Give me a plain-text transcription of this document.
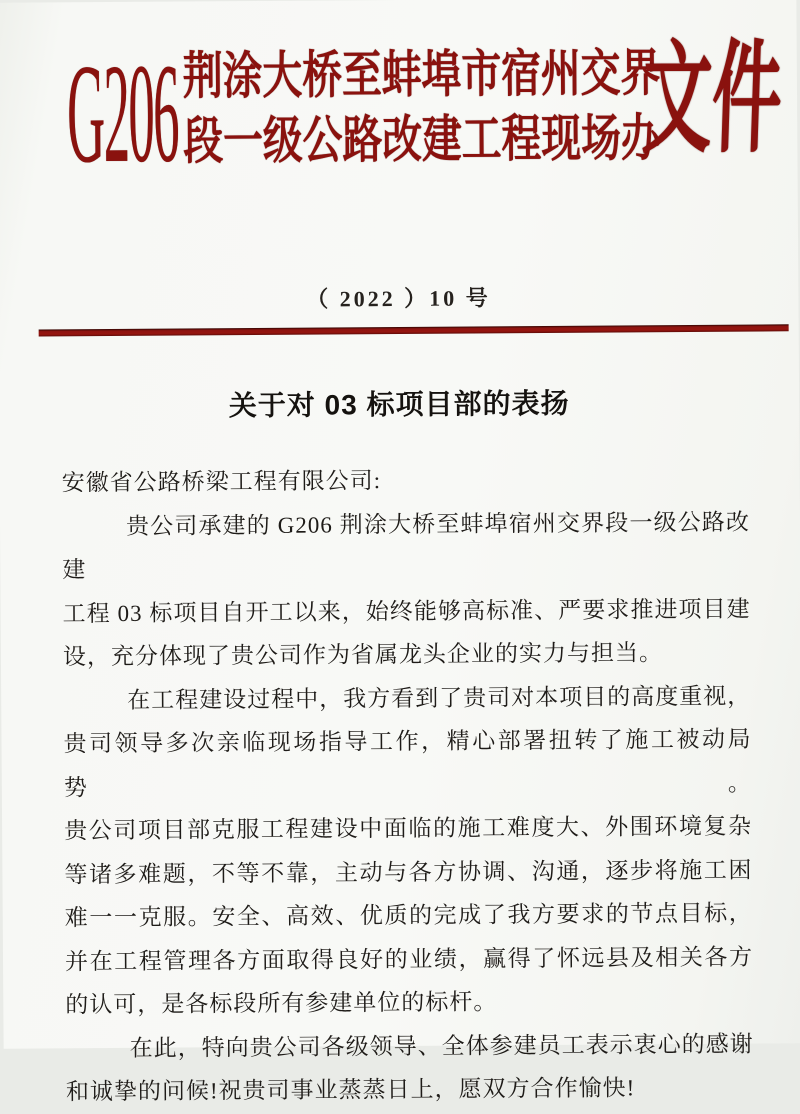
G206 荆涂大桥至蚌埠市宿州交界
段一级公路改建工程现场办
文件
（ 2022 ）10 号
关于对 03 标项目部的表扬
安徽省公路桥梁工程有限公司:
贵公司承建的 G206 荆涂大桥至蚌埠宿州交界段一级公路改建
工程 03 标项目自开工以来，始终能够高标准、严要求推进项目建
设，充分体现了贵公司作为省属龙头企业的实力与担当。
在工程建设过程中，我方看到了贵司对本项目的高度重视，
贵司领导多次亲临现场指导工作，精心部署扭转了施工被动局势。
贵公司项目部克服工程建设中面临的施工难度大、外围环境复杂
等诸多难题，不等不靠，主动与各方协调、沟通，逐步将施工困
难一一克服。安全、高效、优质的完成了我方要求的节点目标，
并在工程管理各方面取得良好的业绩，赢得了怀远县及相关各方
的认可，是各标段所有参建单位的标杆。
在此，特向贵公司各级领导、全体参建员工表示衷心的感谢
和诚挚的问候!祝贵司事业蒸蒸日上，愿双方合作愉快!
